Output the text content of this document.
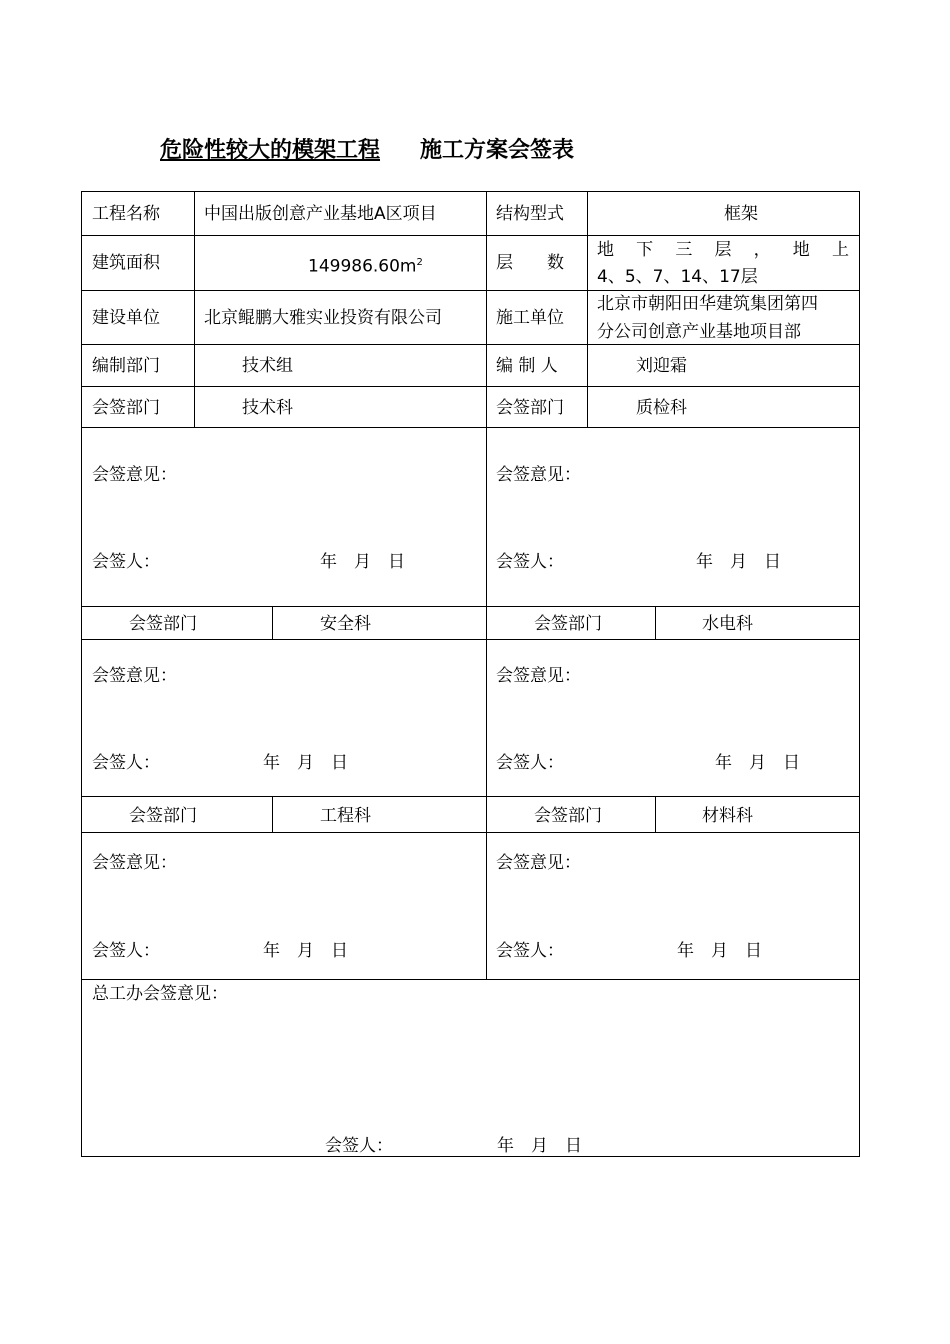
危险性较大的模架工程 施工方案会签表
工程名称	中国出版创意产业基地A区项目	结构型式	框架
建筑面积	$149986.60m^2$	层　　数
地 下 三 层 ， 地 上
4、5、7、14、17层
建设单位	北京鲲鹏大雅实业投资有限公司	施工单位
北京市朝阳田华建筑集团第四
分公司创意产业基地项目部
编制部门	技术组	编 制 人	刘迎霜
会签部门	技术科	会签部门	质检科
会签意见：
会签人：	年　月　日
会签意见：
会签人：	年　月　日
会签部门	安全科	会签部门	水电科
会签意见：
会签人：	年　月　日
会签意见：
会签人：	年　月　日
会签部门	工程科	会签部门	材料科
会签意见：
会签人：	年　月　日
会签意见：
会签人：	年　月　日
总工办会签意见：
会签人：	年　月　日
